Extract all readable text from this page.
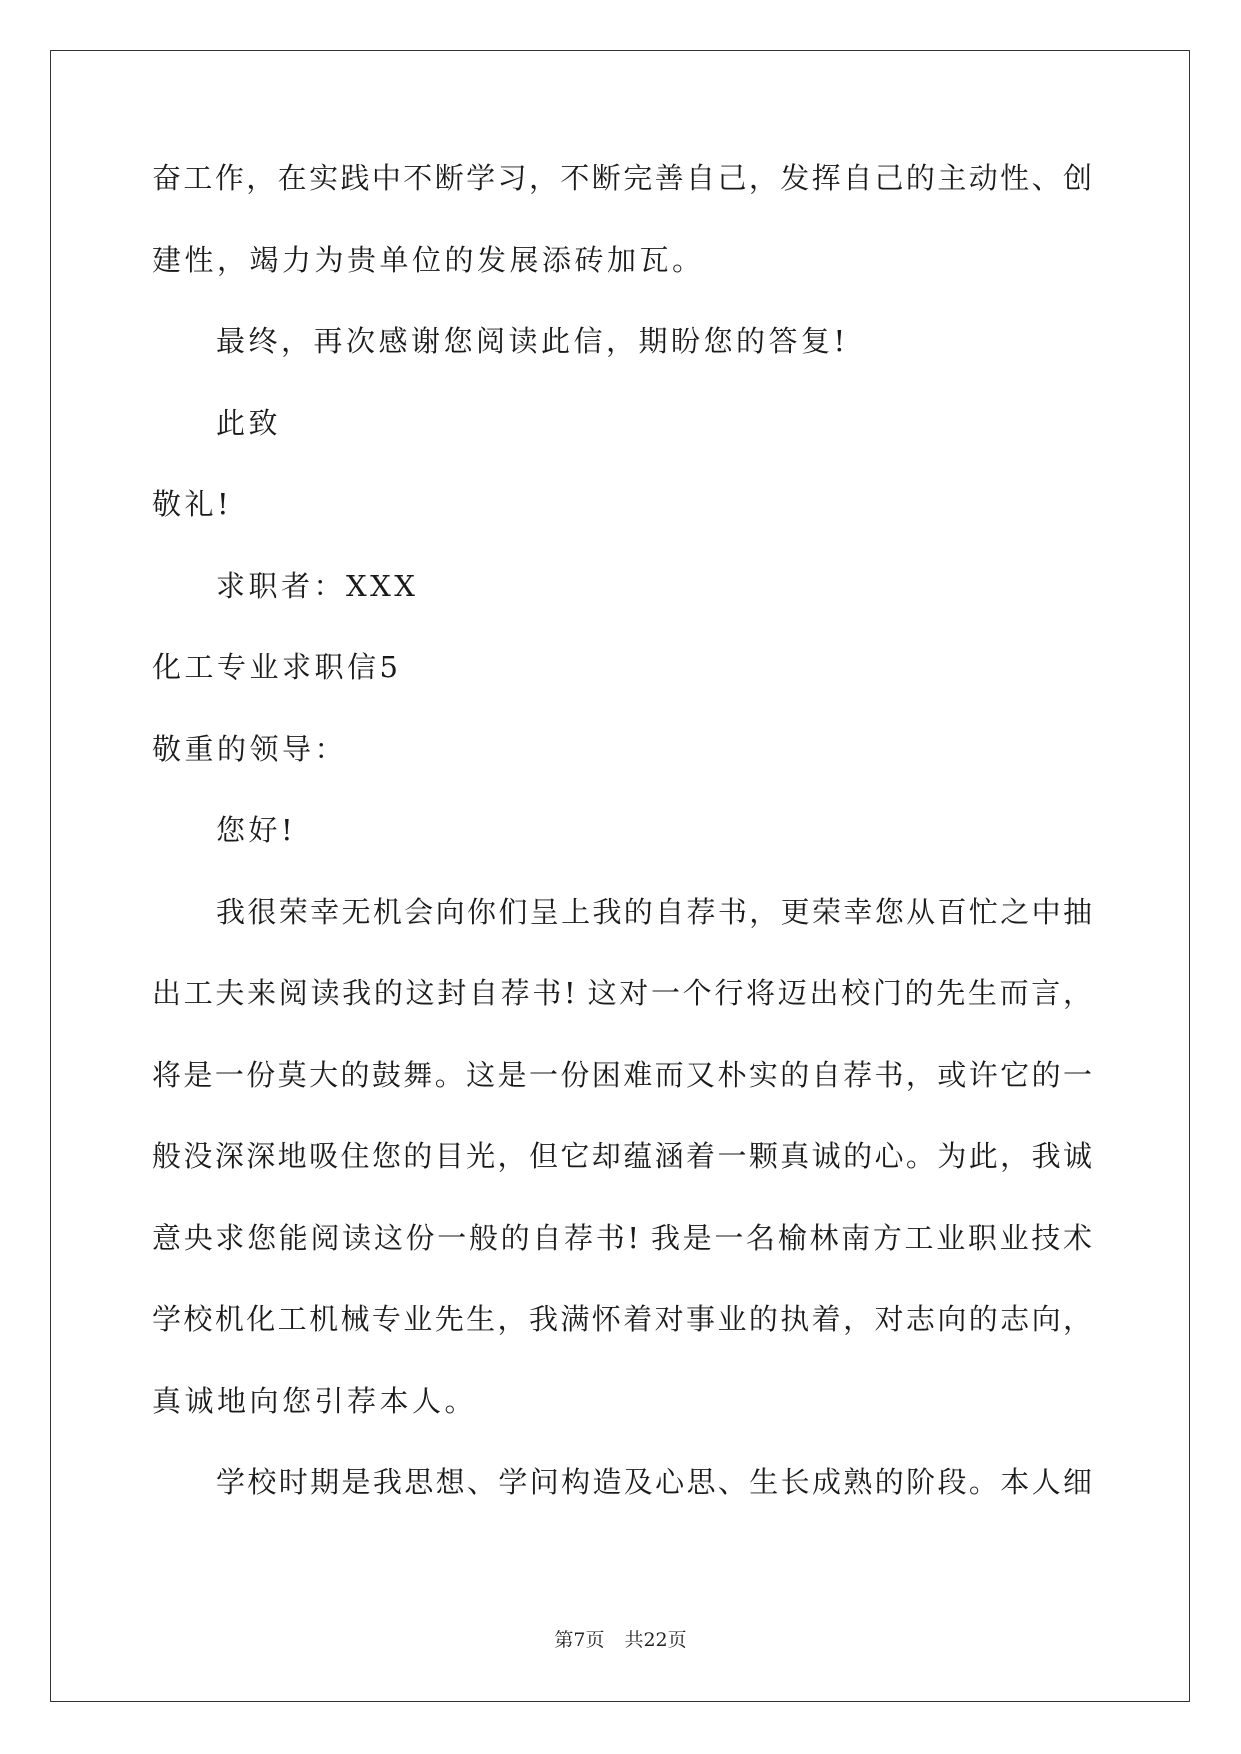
奋工作，在实践中不断学习，不断完善自己，发挥自己的主动性、创
建性，竭力为贵单位的发展添砖加瓦。
最终，再次感谢您阅读此信，期盼您的答复!
此致
敬礼!
求职者：XXX
化工专业求职信5
敬重的领导：
您好!
我很荣幸无机会向你们呈上我的自荐书，更荣幸您从百忙之中抽
出工夫来阅读我的这封自荐书! 这对一个行将迈出校门的先生而言，
将是一份莫大的鼓舞。这是一份困难而又朴实的自荐书，或许它的一
般没深深地吸住您的目光，但它却蕴涵着一颗真诚的心。为此，我诚
意央求您能阅读这份一般的自荐书! 我是一名榆林南方工业职业技术
学校机化工机械专业先生，我满怀着对事业的执着，对志向的志向，
真诚地向您引荐本人。
学校时期是我思想、学问构造及心思、生长成熟的阶段。本人细
第7页 共22页
